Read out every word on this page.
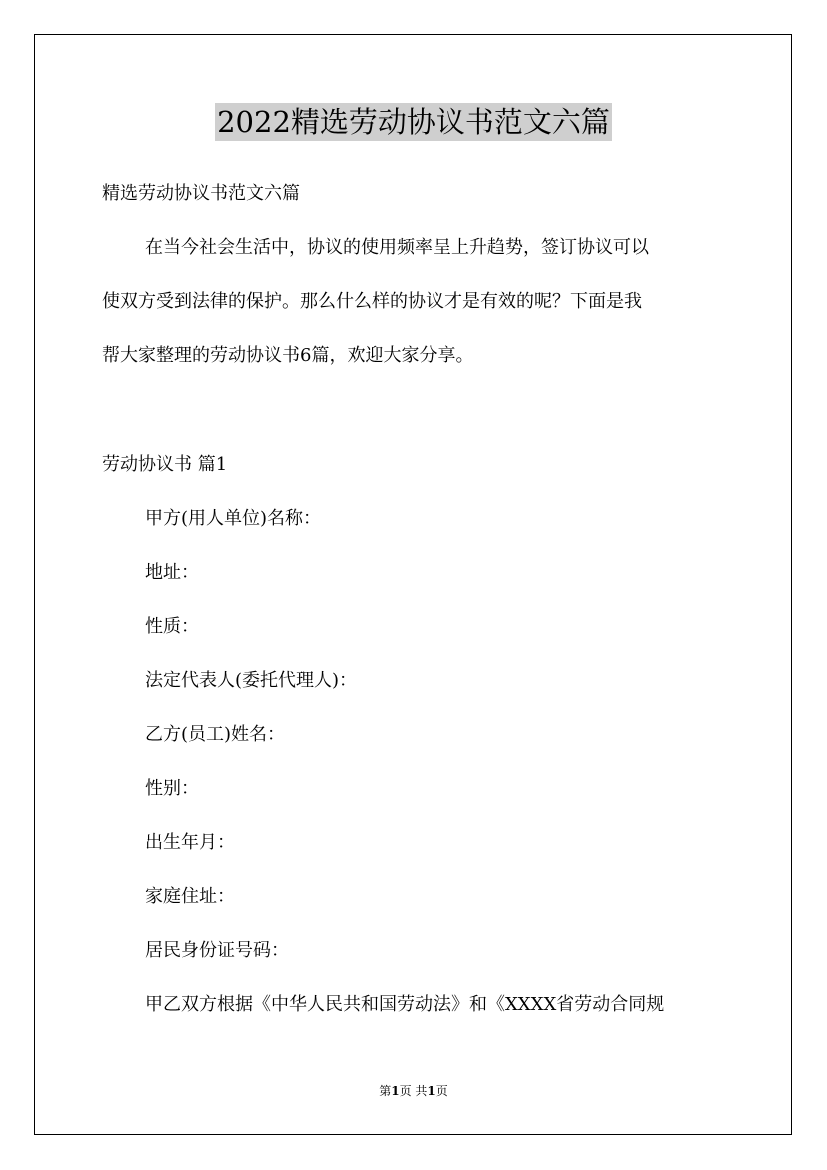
2022精选劳动协议书范文六篇
精选劳动协议书范文六篇
在当今社会生活中，协议的使用频率呈上升趋势，签订协议可以
使双方受到法律的保护。那么什么样的协议才是有效的呢？下面是我
帮大家整理的劳动协议书6篇，欢迎大家分享。
劳动协议书 篇1
甲方(用人单位)名称：
地址：
性质：
法定代表人(委托代理人)：
乙方(员工)姓名：
性别：
出生年月：
家庭住址：
居民身份证号码：
甲乙双方根据《中华人民共和国劳动法》和《XXXX省劳动合同规
第1页 共1页
